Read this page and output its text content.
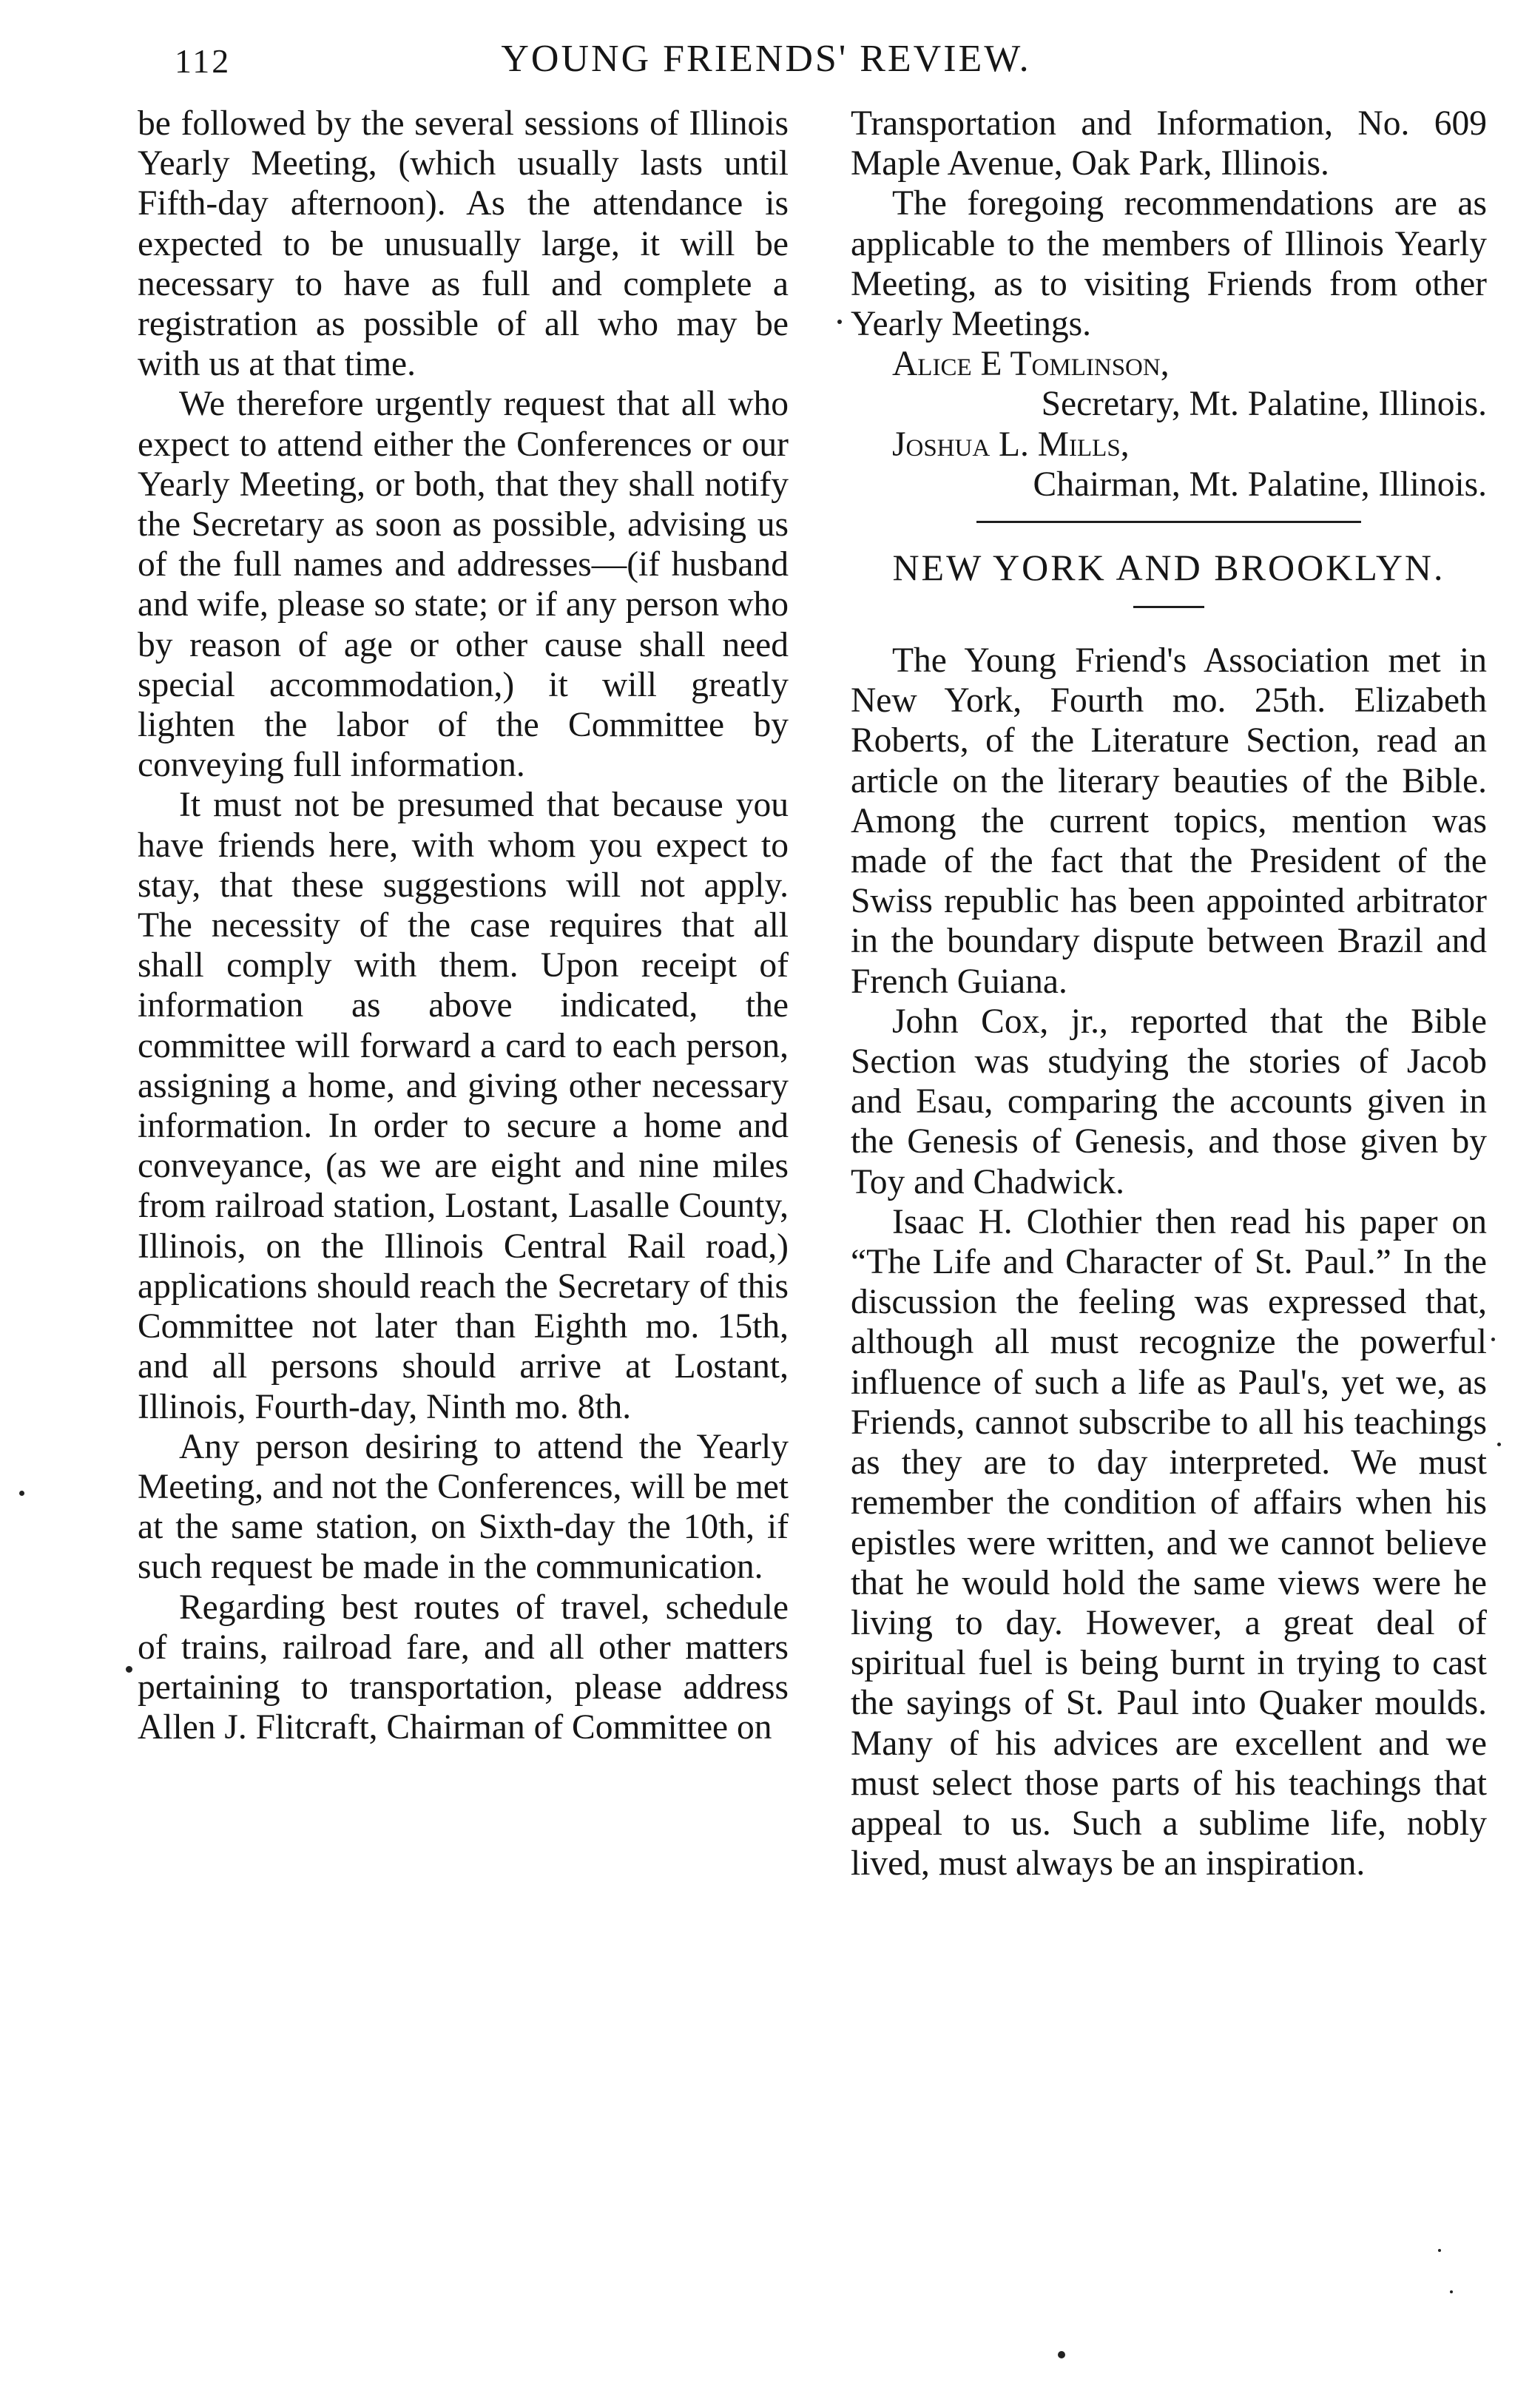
112	YOUNG FRIENDS' REVIEW.

be followed by the several sessions of Illinois Yearly Meeting, (which usually lasts until Fifth-day afternoon). As the attendance is expected to be unusually large, it will be necessary to have as full and complete a registration as possible of all who may be with us at that time.

We therefore urgently request that all who expect to attend either the Conferences or our Yearly Meeting, or both, that they shall notify the Secretary as soon as possible, advising us of the full names and addresses—(if husband and wife, please so state; or if any person who by reason of age or other cause shall need special accommodation,) it will greatly lighten the labor of the Committee by conveying full information.

It must not be presumed that because you have friends here, with whom you expect to stay, that these suggestions will not apply. The necessity of the case requires that all shall comply with them. Upon receipt of information as above indicated, the committee will forward a card to each person, assigning a home, and giving other necessary information. In order to secure a home and conveyance, (as we are eight and nine miles from railroad station, Lostant, Lasalle County, Illinois, on the Illinois Central Rail road,) applications should reach the Secretary of this Committee not later than Eighth mo. 15th, and all persons should arrive at Lostant, Illinois, Fourth-day, Ninth mo. 8th.

Any person desiring to attend the Yearly Meeting, and not the Conferences, will be met at the same station, on Sixth-day the 10th, if such request be made in the communication.

Regarding best routes of travel, schedule of trains, railroad fare, and all other matters pertaining to transportation, please address Allen J. Flitcraft, Chairman of Committee on

Transportation and Information, No. 609 Maple Avenue, Oak Park, Illinois.

The foregoing recommendations are as applicable to the members of Illinois Yearly Meeting, as to visiting Friends from other Yearly Meetings.

Alice E Tomlinson,
Secretary, Mt. Palatine, Illinois.
Joshua L. Mills,
Chairman, Mt. Palatine, Illinois.
NEW YORK AND BROOKLYN.

The Young Friend's Association met in New York, Fourth mo. 25th. Elizabeth Roberts, of the Literature Section, read an article on the literary beauties of the Bible. Among the current topics, mention was made of the fact that the President of the Swiss republic has been appointed arbitrator in the boundary dispute between Brazil and French Guiana.

John Cox, jr., reported that the Bible Section was studying the stories of Jacob and Esau, comparing the accounts given in the Genesis of Genesis, and those given by Toy and Chadwick.

Isaac H. Clothier then read his paper on “The Life and Character of St. Paul.” In the discussion the feeling was expressed that, although all must recognize the powerful influence of such a life as Paul's, yet we, as Friends, cannot subscribe to all his teachings as they are to day interpreted. We must remember the condition of affairs when his epistles were written, and we cannot believe that he would hold the same views were he living to day. However, a great deal of spiritual fuel is being burnt in trying to cast the sayings of St. Paul into Quaker moulds. Many of his advices are excellent and we must select those parts of his teachings that appeal to us. Such a sublime life, nobly lived, must always be an inspiration.
